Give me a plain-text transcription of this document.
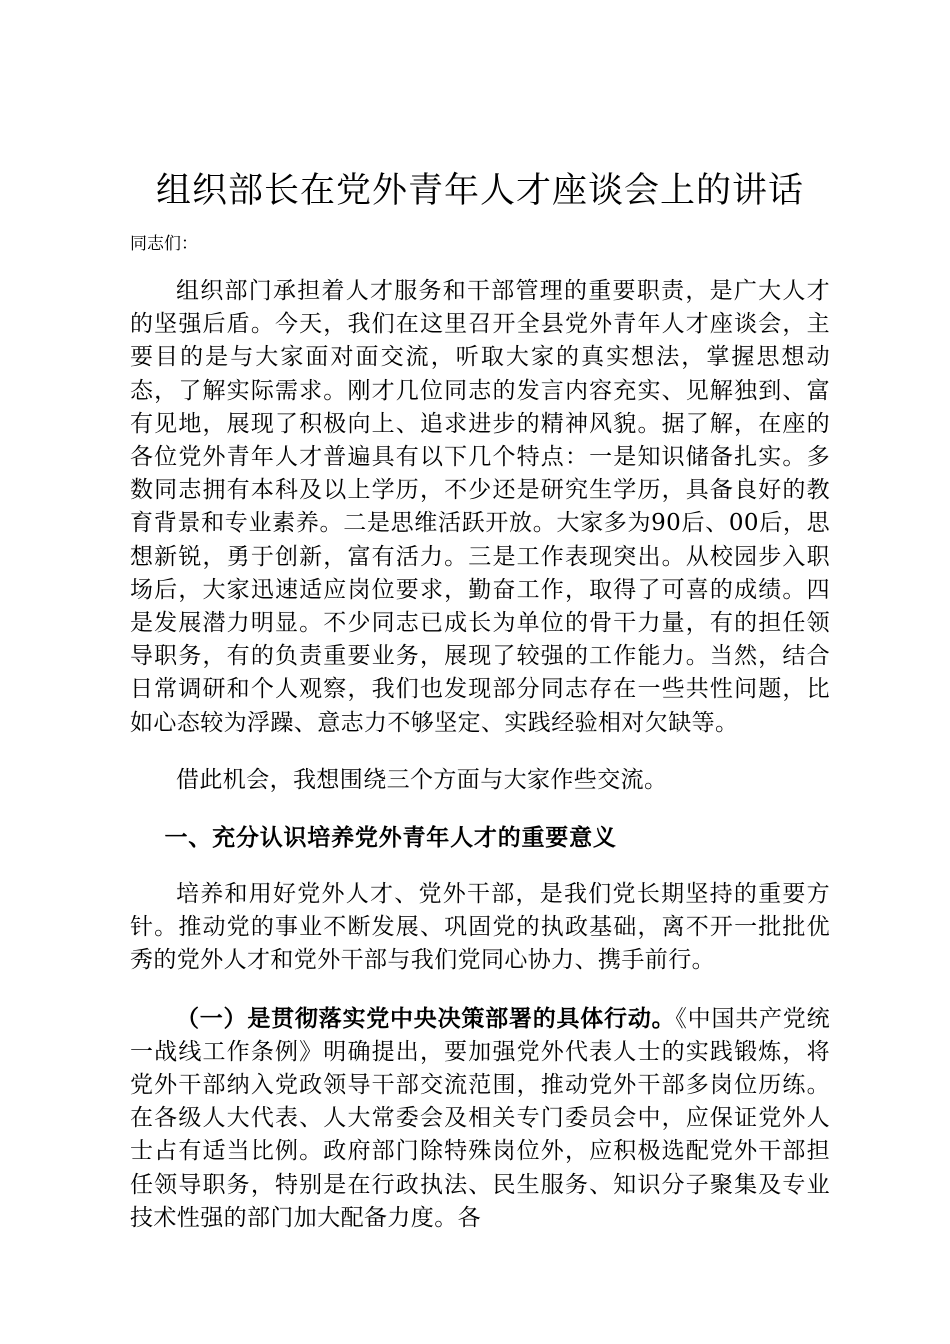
组织部长在党外青年人才座谈会上的讲话

同志们：

组织部门承担着人才服务和干部管理的重要职责，是广大人才的坚强后盾。今天，我们在这里召开全县党外青年人才座谈会，主要目的是与大家面对面交流，听取大家的真实想法，掌握思想动态，了解实际需求。刚才几位同志的发言内容充实、见解独到、富有见地，展现了积极向上、追求进步的精神风貌。据了解，在座的各位党外青年人才普遍具有以下几个特点：一是知识储备扎实。多数同志拥有本科及以上学历，不少还是研究生学历，具备良好的教育背景和专业素养。二是思维活跃开放。大家多为90后、00后，思想新锐，勇于创新，富有活力。三是工作表现突出。从校园步入职场后，大家迅速适应岗位要求，勤奋工作，取得了可喜的成绩。四是发展潜力明显。不少同志已成长为单位的骨干力量，有的担任领导职务，有的负责重要业务，展现了较强的工作能力。当然，结合日常调研和个人观察，我们也发现部分同志存在一些共性问题，比如心态较为浮躁、意志力不够坚定、实践经验相对欠缺等。

借此机会，我想围绕三个方面与大家作些交流。

一、充分认识培养党外青年人才的重要意义

培养和用好党外人才、党外干部，是我们党长期坚持的重要方针。推动党的事业不断发展、巩固党的执政基础，离不开一批批优秀的党外人才和党外干部与我们党同心协力、携手前行。

（一）是贯彻落实党中央决策部署的具体行动。《中国共产党统一战线工作条例》明确提出，要加强党外代表人士的实践锻炼，将党外干部纳入党政领导干部交流范围，推动党外干部多岗位历练。在各级人大代表、人大常委会及相关专门委员会中，应保证党外人士占有适当比例。政府部门除特殊岗位外，应积极选配党外干部担任领导职务，特别是在行政执法、民生服务、知识分子聚集及专业技术性强的部门加大配备力度。各
